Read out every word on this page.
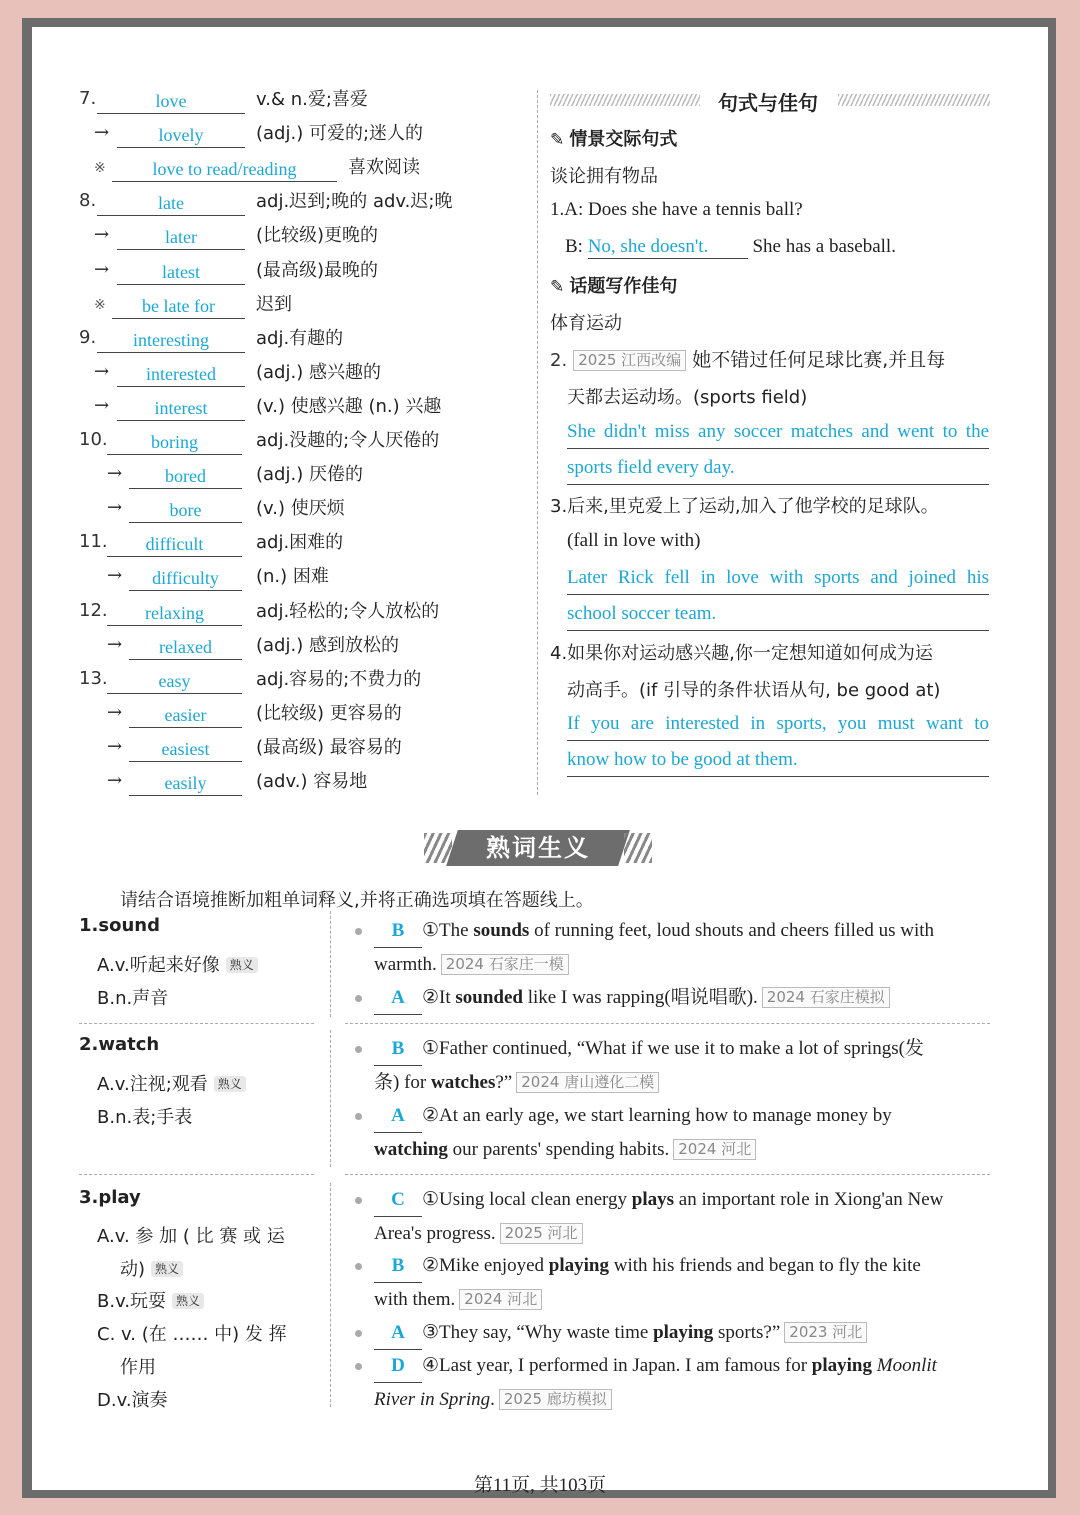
7.	love	v.& n.爱;喜爱
→	lovely	(adj.) 可爱的;迷人的
※	love to read/reading	喜欢阅读
8.	late	adj.迟到;晚的 adv.迟;晚
→	later	(比较级)更晚的
→	latest	(最高级)最晚的
※	be late for	迟到
9.	interesting	adj.有趣的
→	interested	(adj.) 感兴趣的
→	interest	(v.) 使感兴趣 (n.) 兴趣
10.	boring	adj.没趣的;令人厌倦的
→	bored	(adj.) 厌倦的
→	bore	(v.) 使厌烦
11.	difficult	adj.困难的
→	difficulty	(n.) 困难
12.	relaxing	adj.轻松的;令人放松的
→	relaxed	(adj.) 感到放松的
13.	easy	adj.容易的;不费力的
→	easier	(比较级) 更容易的
→	easiest	(最高级) 最容易的
→	easily	(adv.) 容易地
句式与佳句
✎ 情景交际句式
谈论拥有物品
1.A: Does she have a tennis ball?
B: No, she doesn't. She has a baseball.
✎ 话题写作佳句
体育运动
2. 2025 江西改编 她不错过任何足球比赛,并且每
天都去运动场。(sports field)
She didn't miss any soccer matches and went to the
sports field every day.
3.后来,里克爱上了运动,加入了他学校的足球队。
(fall in love with)
Later Rick fell in love with sports and joined his
school soccer team.
4.如果你对运动感兴趣,你一定想知道如何成为运
动高手。(if 引导的条件状语从句, be good at)
If you are interested in sports, you must want to
know how to be good at them.
熟词生义
请结合语境推断加粗单词释义,并将正确选项填在答题线上。
1.sound
A.v.听起来好像 熟义
B.n.声音
B ①The sounds of running feet, loud shouts and cheers filled us with
warmth. 2024 石家庄一模
A ②It sounded like I was rapping(唱说唱歌). 2024 石家庄模拟
2.watch
A.v.注视;观看 熟义
B.n.表;手表
B ①Father continued, “What if we use it to make a lot of springs(发
条) for watches?” 2024 唐山遵化二模
A ②At an early age, we start learning how to manage money by
watching our parents' spending habits. 2024 河北
3.play
A.v. 参 加 ( 比 赛 或 运
动) 熟义
B.v.玩耍 熟义
C. v. (在 …… 中) 发 挥
作用
D.v.演奏
C ①Using local clean energy plays an important role in Xiong'an New
Area's progress. 2025 河北
B ②Mike enjoyed playing with his friends and began to fly the kite
with them. 2024 河北
A ③They say, “Why waste time playing sports?” 2023 河北
D ④Last year, I performed in Japan. I am famous for playing Moonlit
River in Spring. 2025 廊坊模拟
第11页, 共103页
